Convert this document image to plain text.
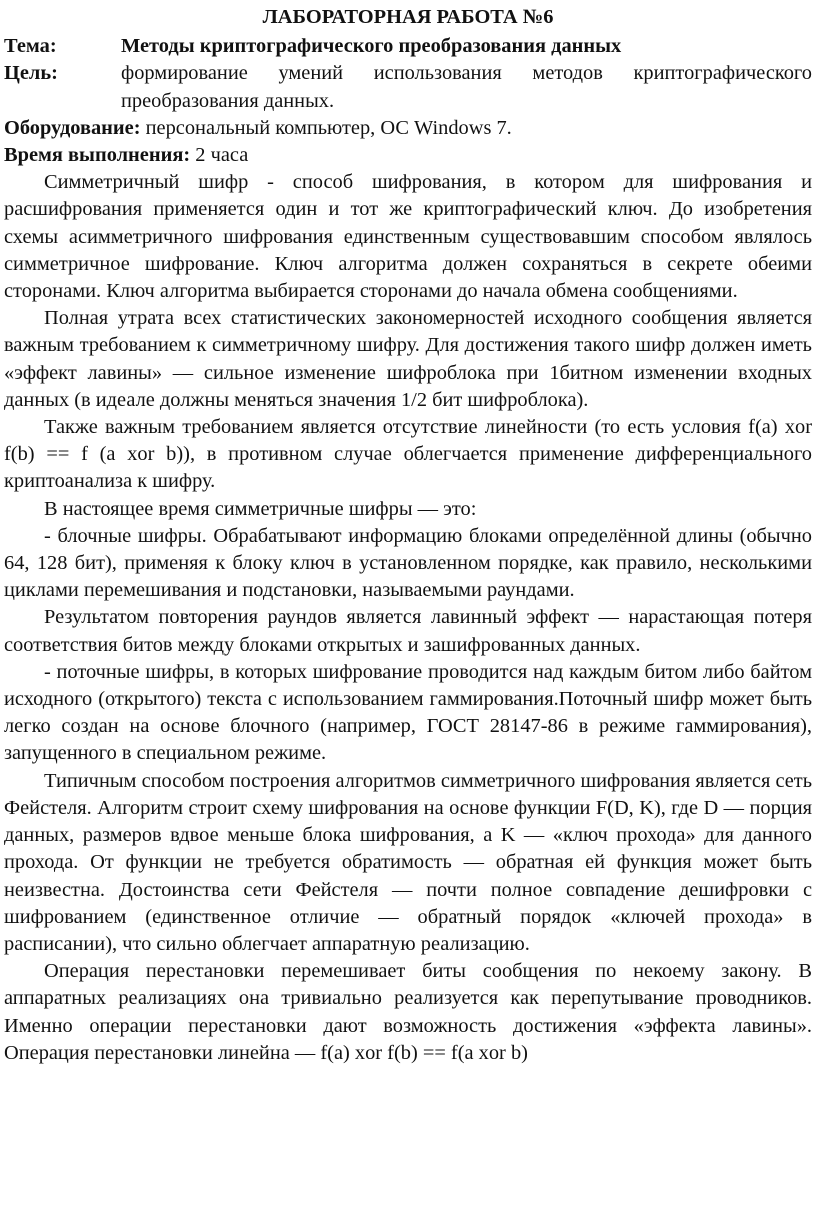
ЛАБОРАТОРНАЯ РАБОТА №6
Тема:	Методы криптографического преобразования данных
Цель:	формирование умений использования методов криптографического преобразования данных.
Оборудование: персональный компьютер, ОС Windows 7.
Время выполнения: 2 часа

Симметричный шифр - способ шифрования, в котором для шифрования и расшифрования применяется один и тот же криптографический ключ. До изобретения схемы асимметричного шифрования единственным существовавшим способом являлось симметричное шифрование. Ключ алгоритма должен сохраняться в секрете обеими сторонами. Ключ алгоритма выбирается сторонами до начала обмена сообщениями.

Полная утрата всех статистических закономерностей исходного сообщения является важным требованием к симметричному шифру. Для достижения такого шифр должен иметь «эффект лавины» — сильное изменение шифроблока при 1битном изменении входных данных (в идеале должны меняться значения 1/2 бит шифроблока).

Также важным требованием является отсутствие линейности (то есть условия f(a) xor f(b) == f (a xor b)), в противном случае облегчается применение дифференциального криптоанализа к шифру.

В настоящее время симметричные шифры — это:

- блочные шифры. Обрабатывают информацию блоками определённой длины (обычно 64, 128 бит), применяя к блоку ключ в установленном порядке, как правило, несколькими циклами перемешивания и подстановки, называемыми раундами.

Результатом повторения раундов является лавинный эффект — нарастающая потеря соответствия битов между блоками открытых и зашифрованных данных.

- поточные шифры, в которых шифрование проводится над каждым битом либо байтом исходного (открытого) текста с использованием гаммирования.Поточный шифр может быть легко создан на основе блочного (например, ГОСТ 28147-86 в режиме гаммирования), запущенного в специальном режиме.

Типичным способом построения алгоритмов симметричного шифрования является сеть Фейстеля. Алгоритм строит схему шифрования на основе функции F(D, K), где D — порция данных, размеров вдвое меньше блока шифрования, а K — «ключ прохода» для данного прохода. От функции не требуется обратимость — обратная ей функция может быть неизвестна. Достоинства сети Фейстеля — почти полное совпадение дешифровки с шифрованием (единственное отличие — обратный порядок «ключей прохода» в расписании), что сильно облегчает аппаратную реализацию.

Операция перестановки перемешивает биты сообщения по некоему закону. В аппаратных реализациях она тривиально реализуется как перепутывание проводников. Именно операции перестановки дают возможность достижения «эффекта лавины». Операция перестановки линейна — f(a) xor f(b) == f(a xor b)
